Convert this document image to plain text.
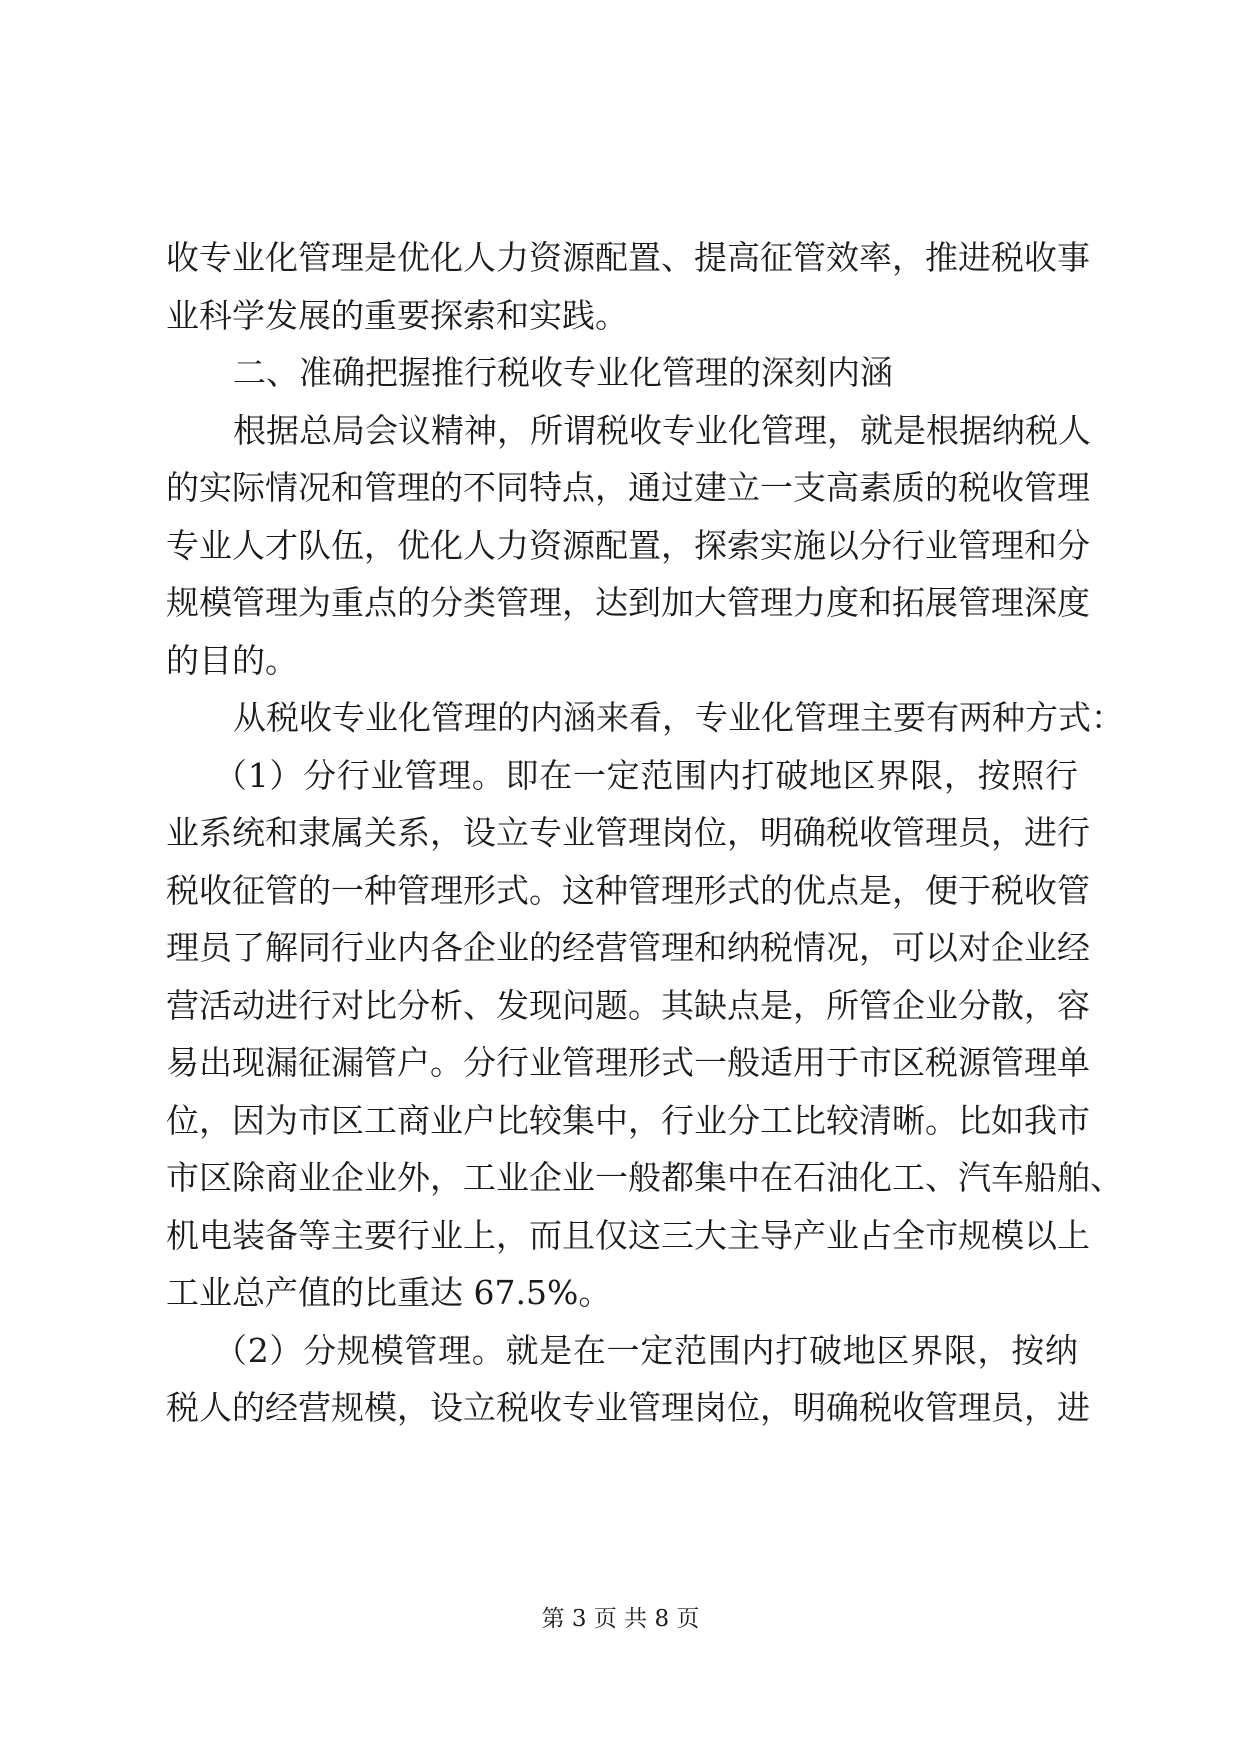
收专业化管理是优化人力资源配置、提高征管效率，推进税收事
业科学发展的重要探索和实践。
二、准确把握推行税收专业化管理的深刻内涵
根据总局会议精神，所谓税收专业化管理，就是根据纳税人
的实际情况和管理的不同特点，通过建立一支高素质的税收管理
专业人才队伍，优化人力资源配置，探索实施以分行业管理和分
规模管理为重点的分类管理，达到加大管理力度和拓展管理深度
的目的。
从税收专业化管理的内涵来看，专业化管理主要有两种方式：
（1）分行业管理。即在一定范围内打破地区界限，按照行
业系统和隶属关系，设立专业管理岗位，明确税收管理员，进行
税收征管的一种管理形式。这种管理形式的优点是，便于税收管
理员了解同行业内各企业的经营管理和纳税情况，可以对企业经
营活动进行对比分析、发现问题。其缺点是，所管企业分散，容
易出现漏征漏管户。分行业管理形式一般适用于市区税源管理单
位，因为市区工商业户比较集中，行业分工比较清晰。比如我市
市区除商业企业外，工业企业一般都集中在石油化工、汽车船舶、
机电装备等主要行业上，而且仅这三大主导产业占全市规模以上
工业总产值的比重达 67.5%。
（2）分规模管理。就是在一定范围内打破地区界限，按纳
税人的经营规模，设立税收专业管理岗位，明确税收管理员，进
第 3 页 共 8 页
